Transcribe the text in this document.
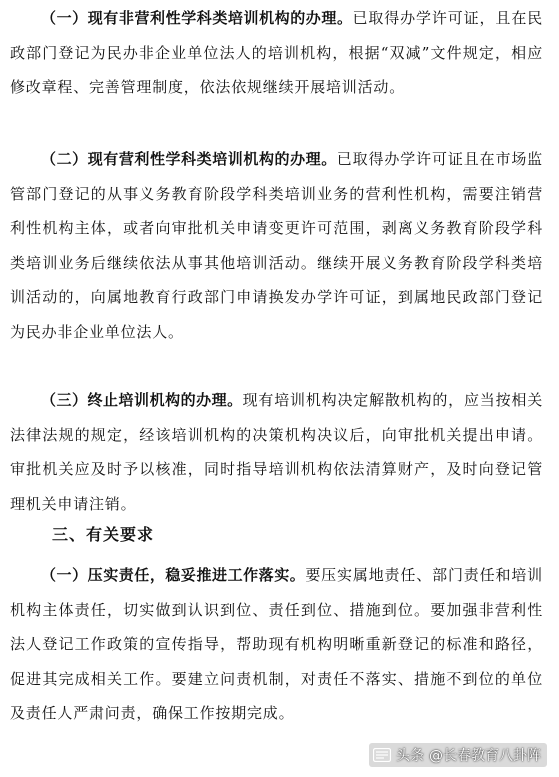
（一）现有非营利性学科类培训机构的办理。已取得办学许可证，且在民政部门登记为民办非企业单位法人的培训机构，根据“双减”文件规定，相应修改章程、完善管理制度，依法依规继续开展培训活动。

（二）现有营利性学科类培训机构的办理。已取得办学许可证且在市场监管部门登记的从事义务教育阶段学科类培训业务的营利性机构，需要注销营利性机构主体，或者向审批机关申请变更许可范围，剥离义务教育阶段学科类培训业务后继续依法从事其他培训活动。继续开展义务教育阶段学科类培训活动的，向属地教育行政部门申请换发办学许可证，到属地民政部门登记为民办非企业单位法人。

（三）终止培训机构的办理。现有培训机构决定解散机构的，应当按相关法律法规的规定，经该培训机构的决策机构决议后，向审批机关提出申请。审批机关应及时予以核准，同时指导培训机构依法清算财产，及时向登记管理机关申请注销。

三、有关要求

（一）压实责任，稳妥推进工作落实。要压实属地责任、部门责任和培训机构主体责任，切实做到认识到位、责任到位、措施到位。要加强非营利性法人登记工作政策的宣传指导，帮助现有机构明晰重新登记的标准和路径，促进其完成相关工作。要建立问责机制，对责任不落实、措施不到位的单位及责任人严肃问责，确保工作按期完成。

头条 @长春教育八卦阵
